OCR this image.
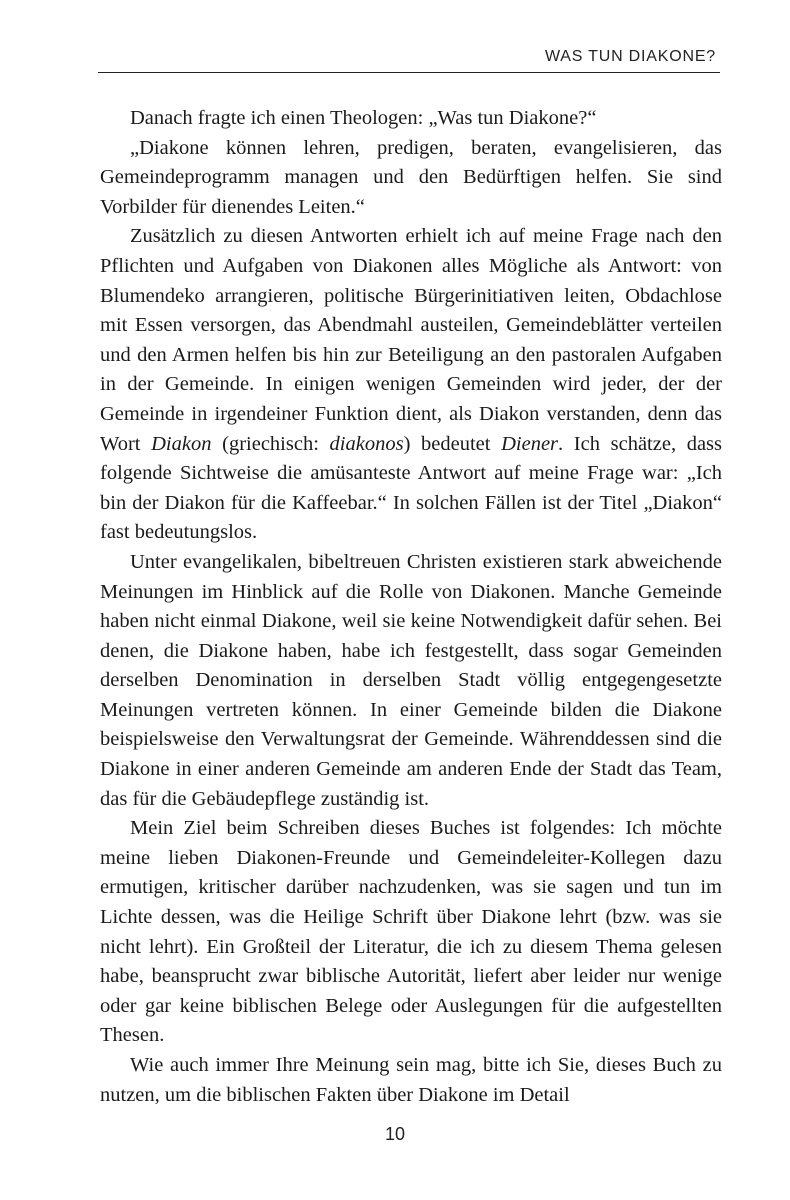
WAS TUN DIAKONE?

Danach fragte ich einen Theologen: „Was tun Diakone?“

„Diakone können lehren, predigen, beraten, evangelisieren, das Gemeindeprogramm managen und den Bedürftigen helfen. Sie sind Vorbilder für dienendes Leiten.“

Zusätzlich zu diesen Antworten erhielt ich auf meine Frage nach den Pflichten und Aufgaben von Diakonen alles Mögliche als Antwort: von Blumendeko arrangieren, politische Bürgerinitiativen leiten, Obdachlose mit Essen versorgen, das Abendmahl austeilen, Gemeindeblätter verteilen und den Armen helfen bis hin zur Beteiligung an den pastoralen Aufgaben in der Gemeinde. In einigen wenigen Gemeinden wird jeder, der der Gemeinde in irgendeiner Funktion dient, als Diakon verstanden, denn das Wort Diakon (griechisch: diakonos) bedeutet Diener. Ich schätze, dass folgende Sichtweise die amüsanteste Antwort auf meine Frage war: „Ich bin der Diakon für die Kaffeebar.“ In solchen Fällen ist der Titel „Diakon“ fast bedeutungslos.

Unter evangelikalen, bibeltreuen Christen existieren stark abweichende Meinungen im Hinblick auf die Rolle von Diakonen. Manche Gemeinde haben nicht einmal Diakone, weil sie keine Notwendigkeit dafür sehen. Bei denen, die Diakone haben, habe ich festgestellt, dass sogar Gemeinden derselben Denomination in derselben Stadt völlig entgegengesetzte Meinungen vertreten können. In einer Gemeinde bilden die Diakone beispielsweise den Verwaltungsrat der Gemeinde. Währenddessen sind die Diakone in einer anderen Gemeinde am anderen Ende der Stadt das Team, das für die Gebäudepflege zuständig ist.

Mein Ziel beim Schreiben dieses Buches ist folgendes: Ich möchte meine lieben Diakonen-Freunde und Gemeindeleiter-Kollegen dazu ermutigen, kritischer darüber nachzudenken, was sie sagen und tun im Lichte dessen, was die Heilige Schrift über Diakone lehrt (bzw. was sie nicht lehrt). Ein Großteil der Literatur, die ich zu diesem Thema gelesen habe, beansprucht zwar biblische Autorität, liefert aber leider nur wenige oder gar keine biblischen Belege oder Auslegungen für die aufgestellten Thesen.

Wie auch immer Ihre Meinung sein mag, bitte ich Sie, dieses Buch zu nutzen, um die biblischen Fakten über Diakone im Detail

10
